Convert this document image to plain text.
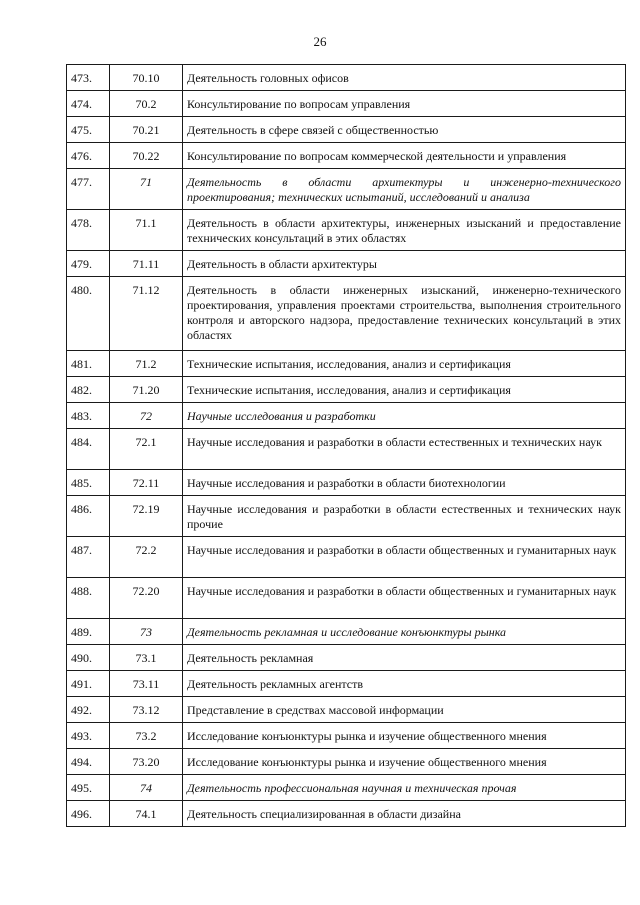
26
473.	70.10	Деятельность головных офисов
474.	70.2	Консультирование по вопросам управления
475.	70.21	Деятельность в сфере связей с общественностью
476.	70.22	Консультирование по вопросам коммерческой деятельности и управления
477.	71	Деятельность в области архитектуры и инженерно-технического проектирования; технических испытаний, исследований и анализа
478.	71.1	Деятельность в области архитектуры, инженерных изысканий и предоставление технических консультаций в этих областях
479.	71.11	Деятельность в области архитектуры
480.	71.12	Деятельность в области инженерных изысканий, инженерно-технического проектирования, управления проектами строительства, выполнения строительного контроля и авторского надзора, предоставление технических консультаций в этих областях
481.	71.2	Технические испытания, исследования, анализ и сертификация
482.	71.20	Технические испытания, исследования, анализ и сертификация
483.	72	Научные исследования и разработки
484.	72.1	Научные исследования и разработки в области естественных и технических наук
485.	72.11	Научные исследования и разработки в области биотехнологии
486.	72.19	Научные исследования и разработки в области естественных и технических наук прочие
487.	72.2	Научные исследования и разработки в области общественных и гуманитарных наук
488.	72.20	Научные исследования и разработки в области общественных и гуманитарных наук
489.	73	Деятельность рекламная и исследование конъюнктуры рынка
490.	73.1	Деятельность рекламная
491.	73.11	Деятельность рекламных агентств
492.	73.12	Представление в средствах массовой информации
493.	73.2	Исследование конъюнктуры рынка и изучение общественного мнения
494.	73.20	Исследование конъюнктуры рынка и изучение общественного мнения
495.	74	Деятельность профессиональная научная и техническая прочая
496.	74.1	Деятельность специализированная в области дизайна
